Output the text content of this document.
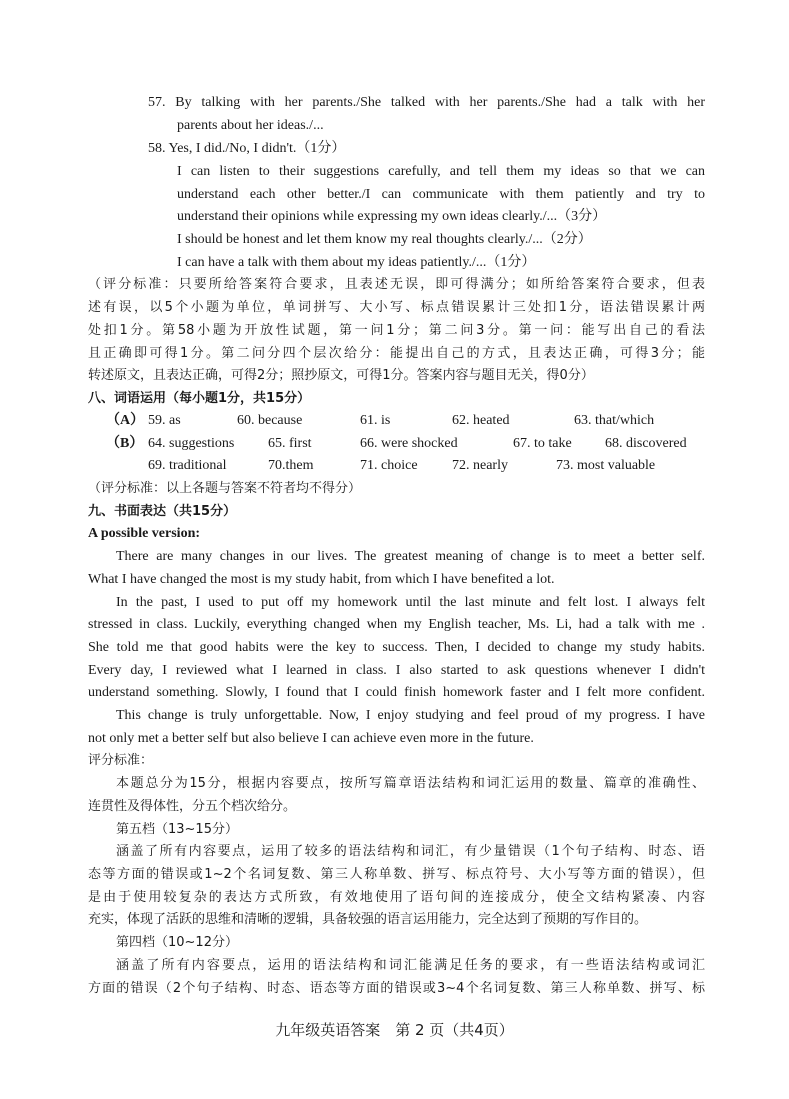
57. By talking with her parents./She talked with her parents./She had a talk with her
parents about her ideas./...
58. Yes, I did./No, I didn't.（1分）
I can listen to their suggestions carefully, and tell them my ideas so that we can
understand each other better./I can communicate with them patiently and try to
understand their opinions while expressing my own ideas clearly./...（3分）
I should be honest and let them know my real thoughts clearly./...（2分）
I can have a talk with them about my ideas patiently./...（1分）
（评分标准：只要所给答案符合要求，且表述无误，即可得满分；如所给答案符合要求，但表
述有误，以5个小题为单位，单词拼写、大小写、标点错误累计三处扣1分，语法错误累计两
处扣1分。第58小题为开放性试题，第一问1分；第二问3分。第一问：能写出自己的看法
且正确即可得1分。第二问分四个层次给分：能提出自己的方式，且表达正确，可得3分；能
转述原文，且表达正确，可得2分；照抄原文，可得1分。答案内容与题目无关，得0分）
八、词语运用（每小题1分，共15分）
（A） 59. as	60. because	61. is	62. heated	63. that/which
（B） 64. suggestions 65. first	66. were shocked	67. to take 68. discovered
69. traditional	70.them	71. choice 72. nearly	73. most valuable
（评分标准：以上各题与答案不符者均不得分）
九、书面表达（共15分）
A possible version:
There are many changes in our lives. The greatest meaning of change is to meet a better self.
What I have changed the most is my study habit, from which I have benefited a lot.
In the past, I used to put off my homework until the last minute and felt lost. I always felt
stressed in class. Luckily, everything changed when my English teacher, Ms. Li, had a talk with me .
She told me that good habits were the key to success. Then, I decided to change my study habits.
Every day, I reviewed what I learned in class. I also started to ask questions whenever I didn't
understand something. Slowly, I found that I could finish homework faster and I felt more confident.
This change is truly unforgettable. Now, I enjoy studying and feel proud of my progress. I have
not only met a better self but also believe I can achieve even more in the future.
评分标准：
本题总分为15分，根据内容要点，按所写篇章语法结构和词汇运用的数量、篇章的准确性、
连贯性及得体性，分五个档次给分。
第五档（13~15分）
涵盖了所有内容要点，运用了较多的语法结构和词汇，有少量错误（1个句子结构、时态、语
态等方面的错误或1~2个名词复数、第三人称单数、拼写、标点符号、大小写等方面的错误），但
是由于使用较复杂的表达方式所致，有效地使用了语句间的连接成分，使全文结构紧凑、内容
充实，体现了活跃的思维和清晰的逻辑，具备较强的语言运用能力，完全达到了预期的写作目的。
第四档（10~12分）
涵盖了所有内容要点，运用的语法结构和词汇能满足任务的要求，有一些语法结构或词汇
方面的错误（2个句子结构、时态、语态等方面的错误或3~4个名词复数、第三人称单数、拼写、标
九年级英语答案　第 2 页（共4页）
